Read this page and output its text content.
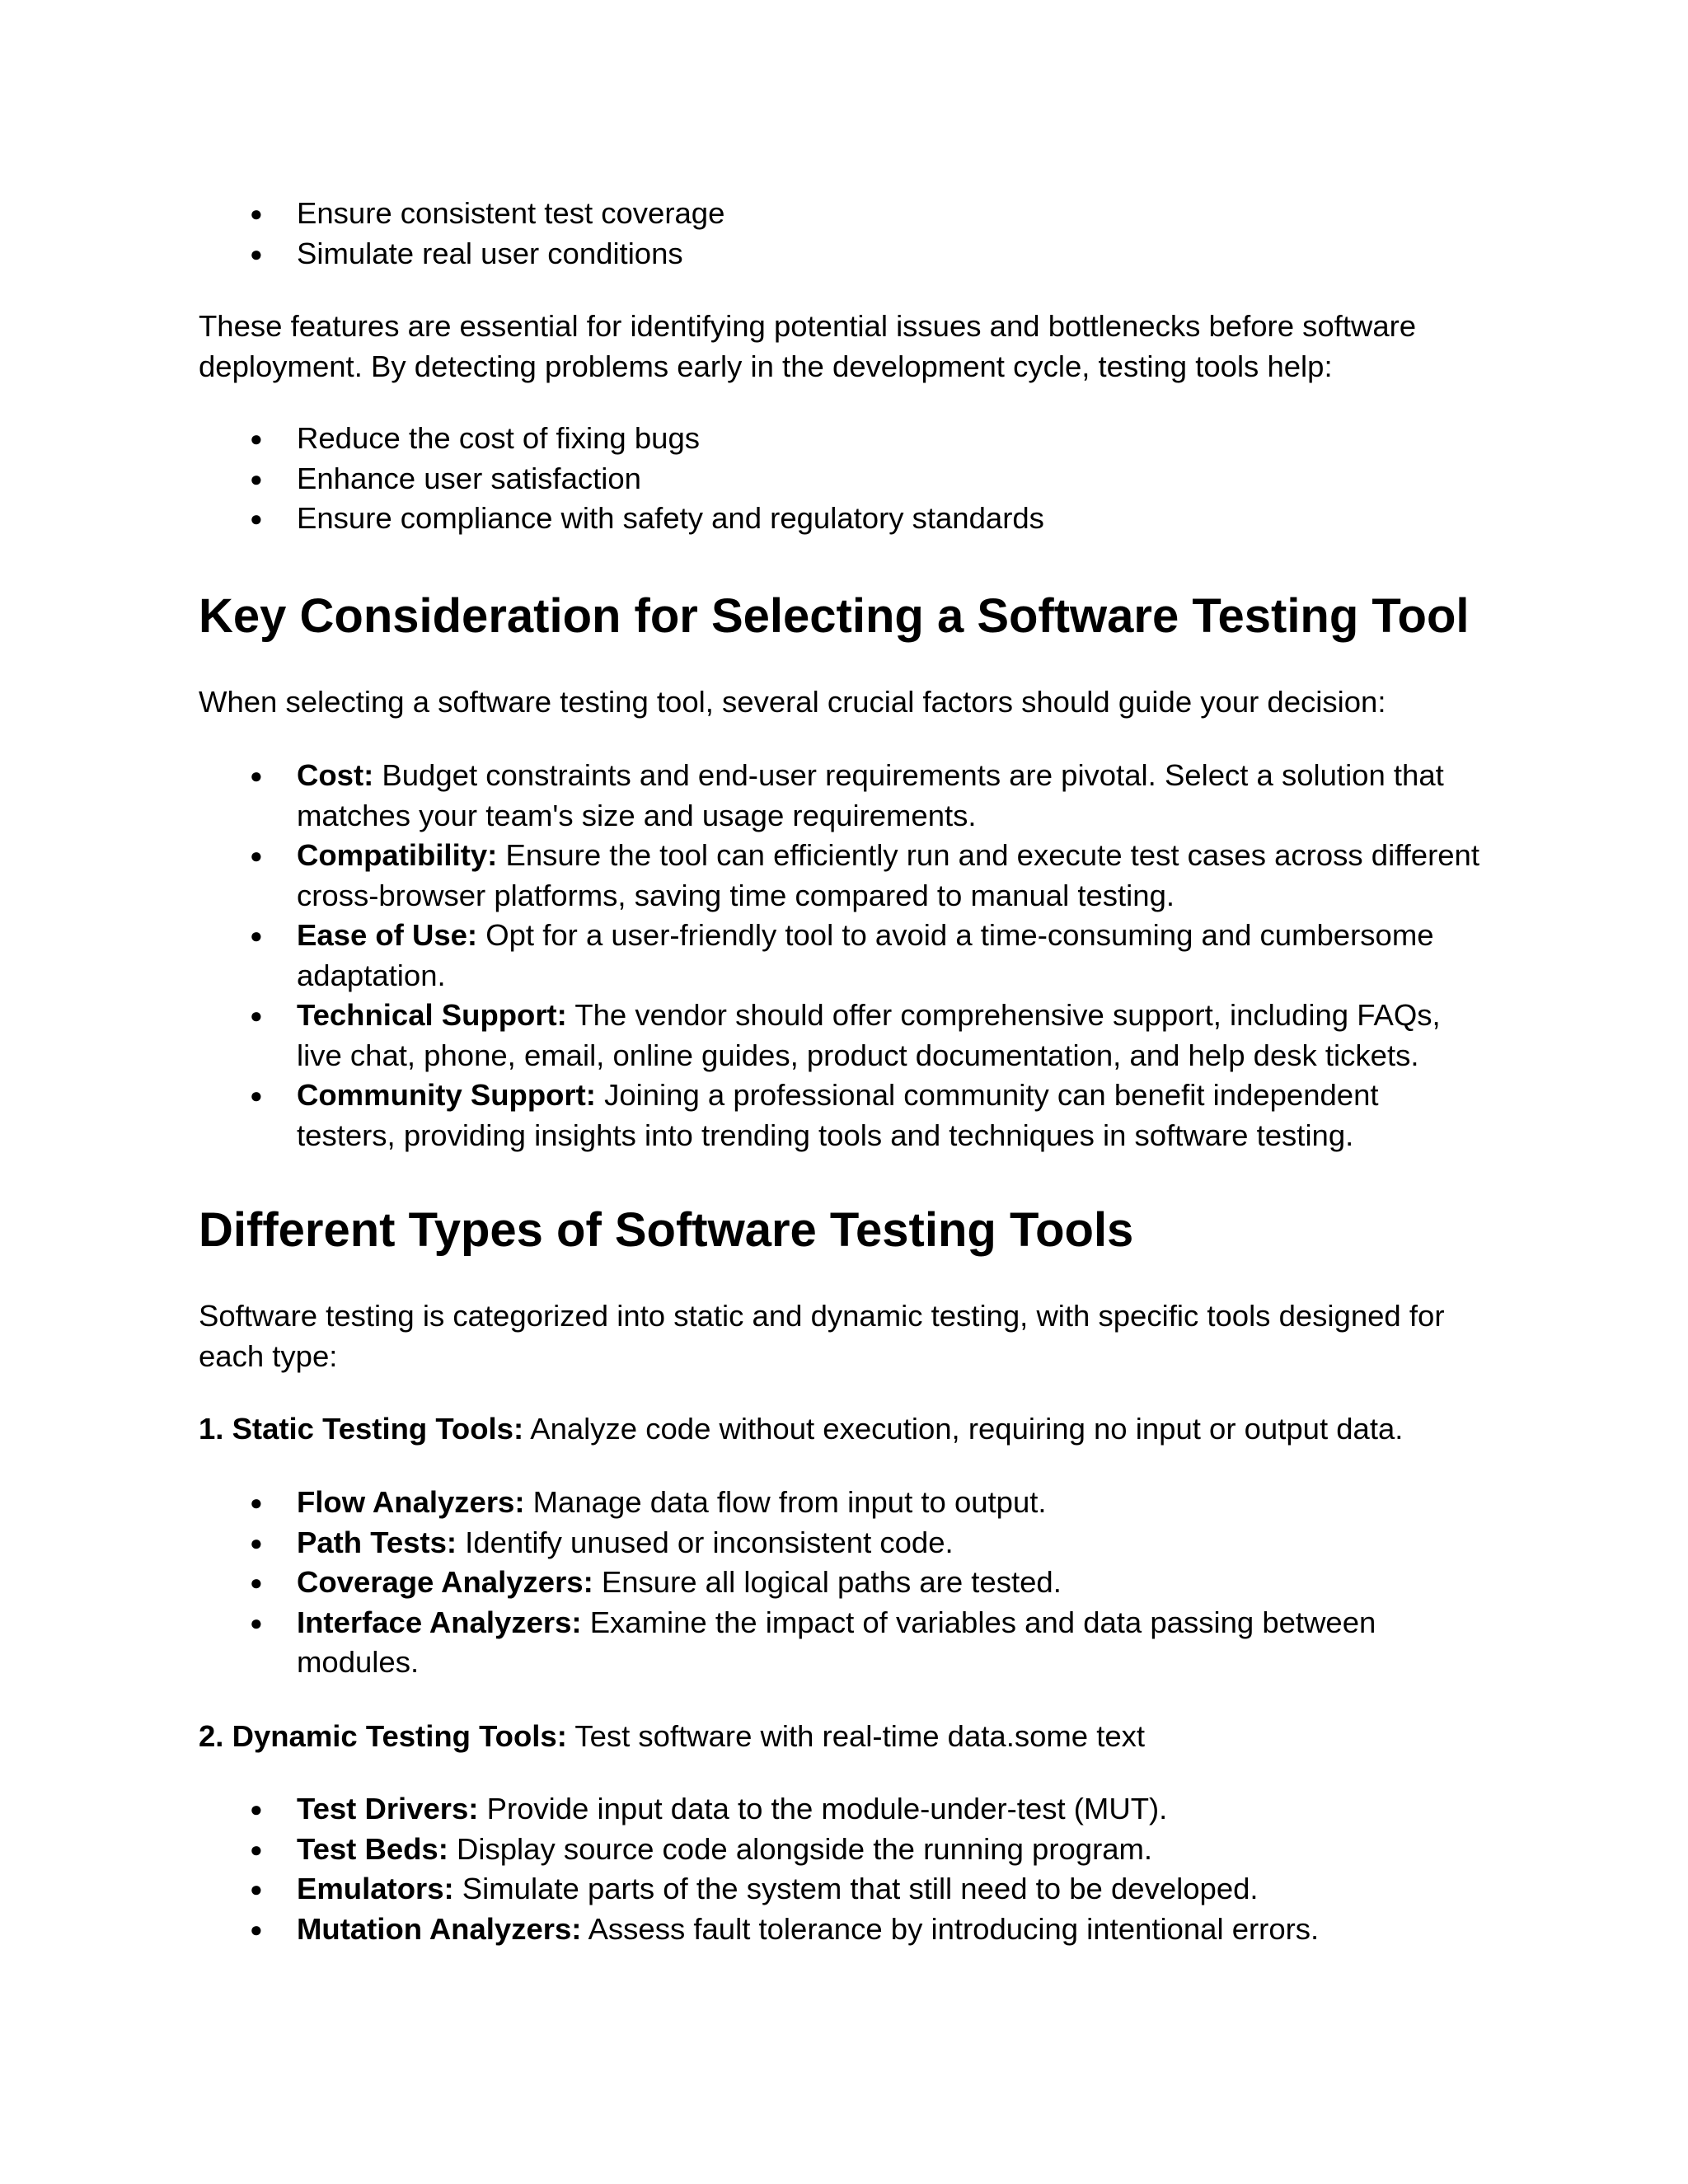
● Ensure consistent test coverage
● Simulate real user conditions

These features are essential for identifying potential issues and bottlenecks before software deployment. By detecting problems early in the development cycle, testing tools help:

● Reduce the cost of fixing bugs
● Enhance user satisfaction
● Ensure compliance with safety and regulatory standards
Key Consideration for Selecting a Software Testing Tool

When selecting a software testing tool, several crucial factors should guide your decision:

● Cost: Budget constraints and end-user requirements are pivotal. Select a solution that matches your team's size and usage requirements.
● Compatibility: Ensure the tool can efficiently run and execute test cases across different cross-browser platforms, saving time compared to manual testing.
● Ease of Use: Opt for a user-friendly tool to avoid a time-consuming and cumbersome adaptation.
● Technical Support: The vendor should offer comprehensive support, including FAQs, live chat, phone, email, online guides, product documentation, and help desk tickets.
● Community Support: Joining a professional community can benefit independent testers, providing insights into trending tools and techniques in software testing.
Different Types of Software Testing Tools

Software testing is categorized into static and dynamic testing, with specific tools designed for each type:

1. Static Testing Tools: Analyze code without execution, requiring no input or output data.

● Flow Analyzers: Manage data flow from input to output.
● Path Tests: Identify unused or inconsistent code.
● Coverage Analyzers: Ensure all logical paths are tested.
● Interface Analyzers: Examine the impact of variables and data passing between modules.

2. Dynamic Testing Tools: Test software with real-time data.some text

● Test Drivers: Provide input data to the module-under-test (MUT).
● Test Beds: Display source code alongside the running program.
● Emulators: Simulate parts of the system that still need to be developed.
● Mutation Analyzers: Assess fault tolerance by introducing intentional errors.
